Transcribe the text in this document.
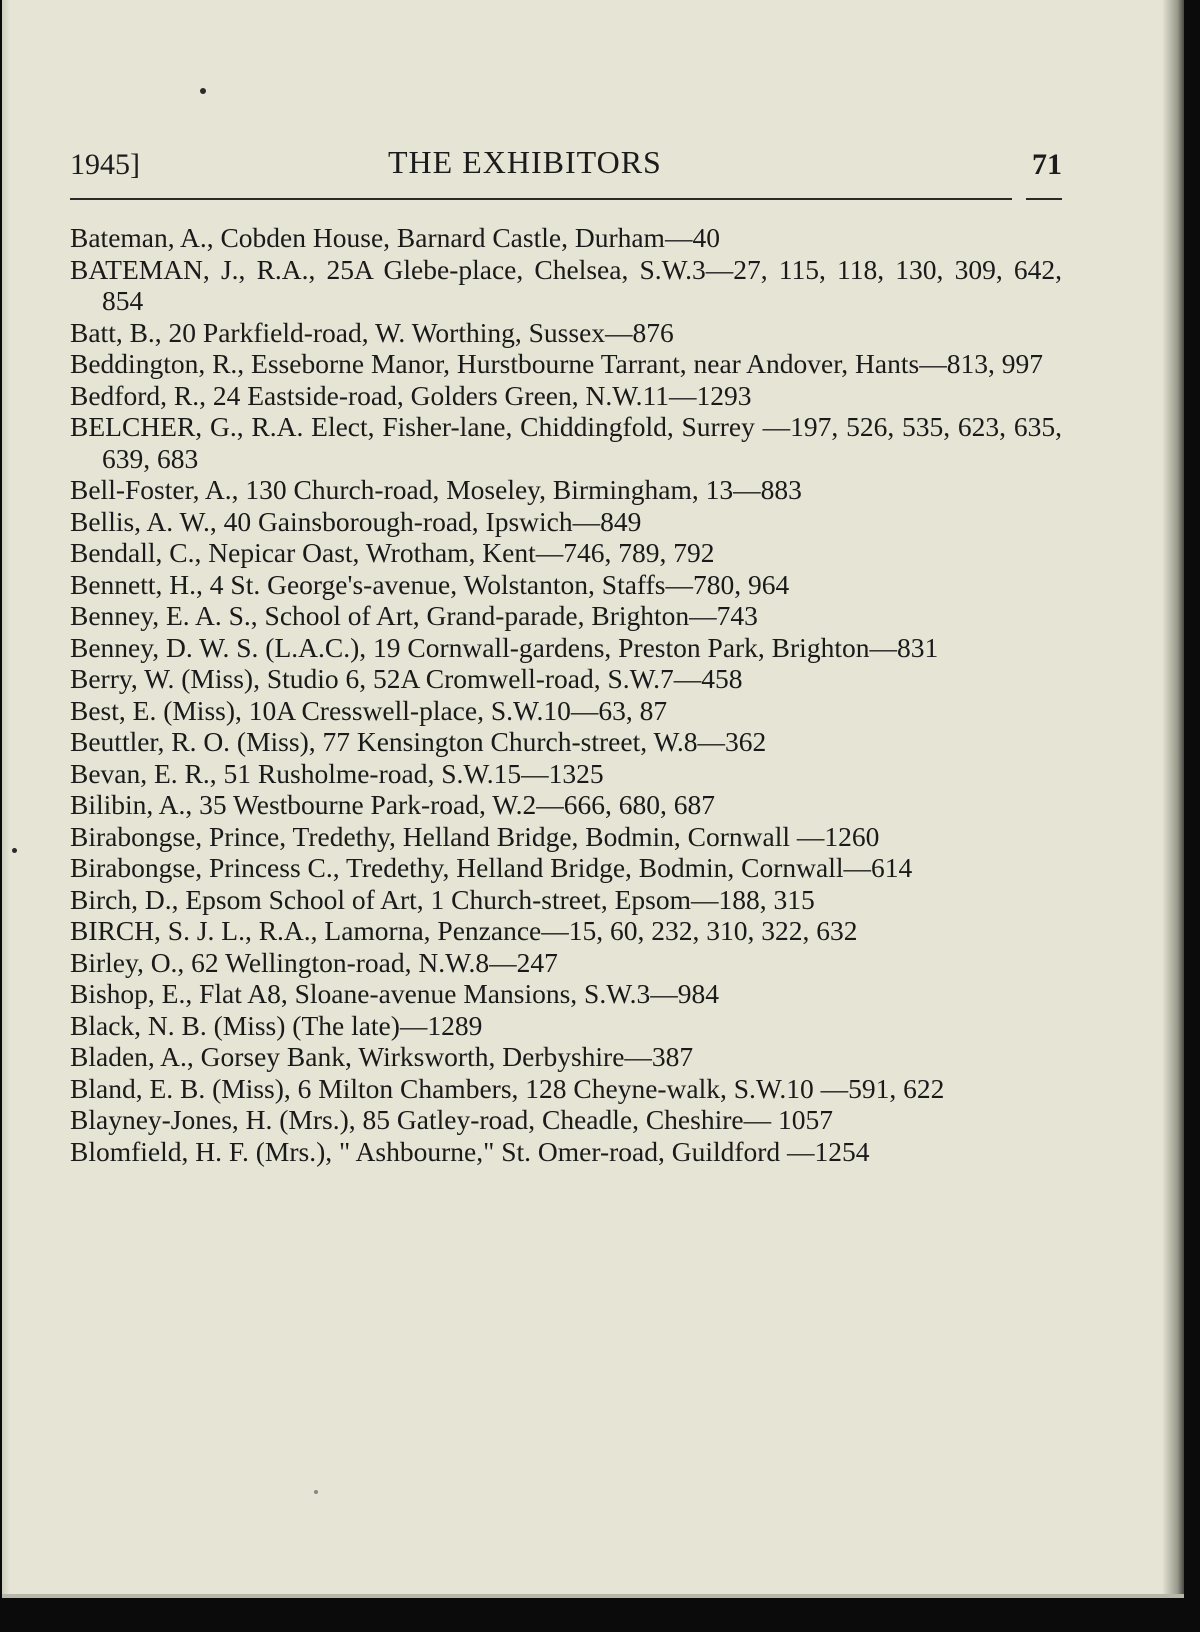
1945]	THE EXHIBITORS	71
Bateman, A., Cobden House, Barnard Castle, Durham—40
BATEMAN, J., R.A., 25A Glebe-place, Chelsea, S.W.3—27, 115, 118, 130, 309, 642, 854
Batt, B., 20 Parkfield-road, W. Worthing, Sussex—876
Beddington, R., Esseborne Manor, Hurstbourne Tarrant, near Andover, Hants—813, 997
Bedford, R., 24 Eastside-road, Golders Green, N.W.11—1293
BELCHER, G., R.A. Elect, Fisher-lane, Chiddingfold, Surrey —197, 526, 535, 623, 635, 639, 683
Bell-Foster, A., 130 Church-road, Moseley, Birmingham, 13—883
Bellis, A. W., 40 Gainsborough-road, Ipswich—849
Bendall, C., Nepicar Oast, Wrotham, Kent—746, 789, 792
Bennett, H., 4 St. George's-avenue, Wolstanton, Staffs—780, 964
Benney, E. A. S., School of Art, Grand-parade, Brighton—743
Benney, D. W. S. (L.A.C.), 19 Cornwall-gardens, Preston Park, Brighton—831
Berry, W. (Miss), Studio 6, 52A Cromwell-road, S.W.7—458
Best, E. (Miss), 10A Cresswell-place, S.W.10—63, 87
Beuttler, R. O. (Miss), 77 Kensington Church-street, W.8—362
Bevan, E. R., 51 Rusholme-road, S.W.15—1325
Bilibin, A., 35 Westbourne Park-road, W.2—666, 680, 687
Birabongse, Prince, Tredethy, Helland Bridge, Bodmin, Cornwall —1260
Birabongse, Princess C., Tredethy, Helland Bridge, Bodmin, Cornwall—614
Birch, D., Epsom School of Art, 1 Church-street, Epsom—188, 315
BIRCH, S. J. L., R.A., Lamorna, Penzance—15, 60, 232, 310, 322, 632
Birley, O., 62 Wellington-road, N.W.8—247
Bishop, E., Flat A8, Sloane-avenue Mansions, S.W.3—984
Black, N. B. (Miss) (The late)—1289
Bladen, A., Gorsey Bank, Wirksworth, Derbyshire—387
Bland, E. B. (Miss), 6 Milton Chambers, 128 Cheyne-walk, S.W.10 —591, 622
Blayney-Jones, H. (Mrs.), 85 Gatley-road, Cheadle, Cheshire— 1057
Blomfield, H. F. (Mrs.), " Ashbourne," St. Omer-road, Guildford —1254
